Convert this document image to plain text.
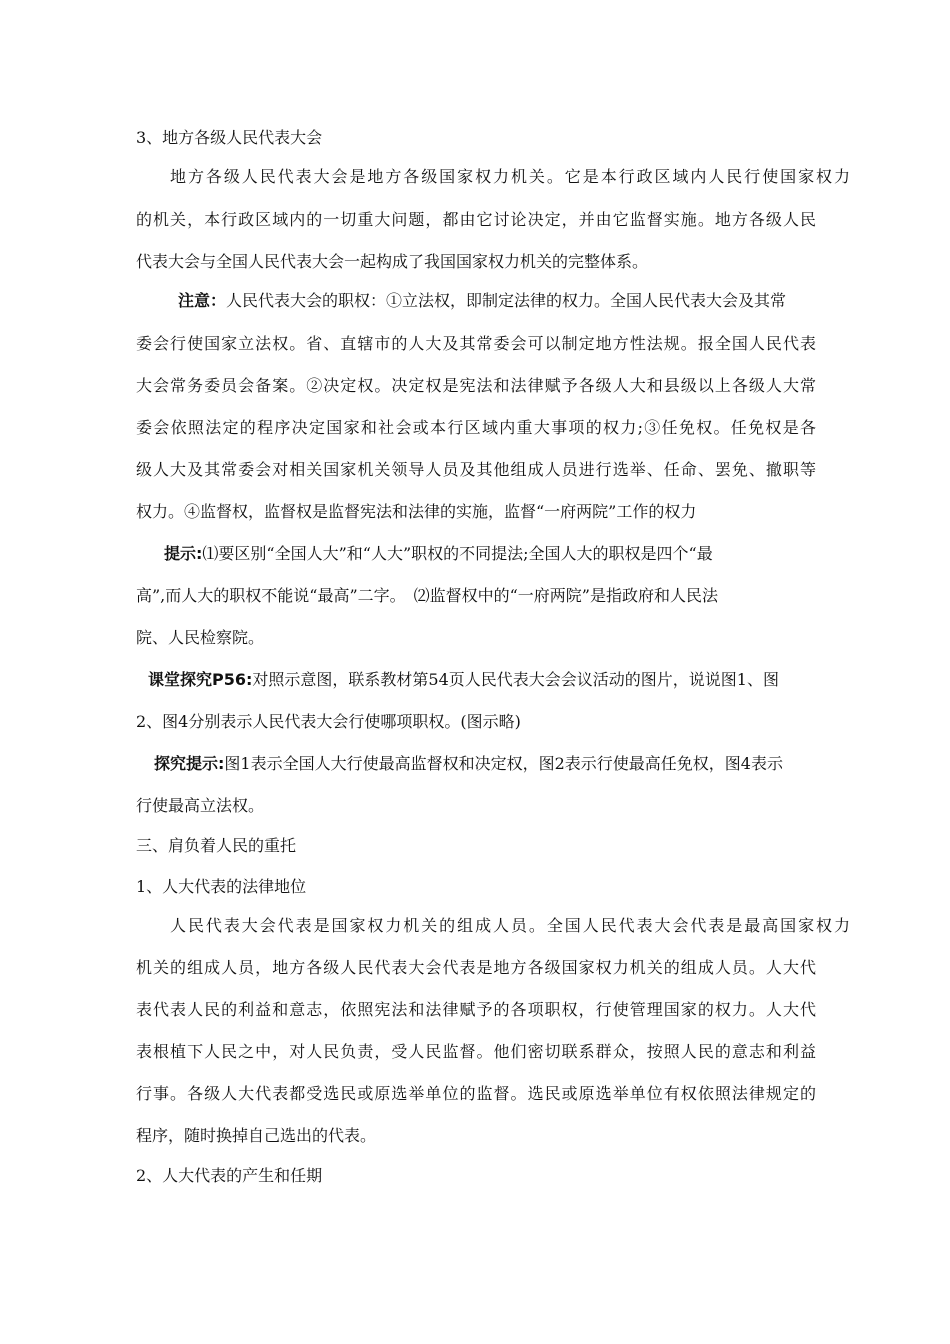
3、地方各级人民代表大会
地方各级人民代表大会是地方各级国家权力机关。它是本行政区域内人民行使国家权力
的机关，本行政区域内的一切重大问题，都由它讨论决定，并由它监督实施。地方各级人民
代表大会与全国人民代表大会一起构成了我国国家权力机关的完整体系。
注意：人民代表大会的职权：①立法权，即制定法律的权力。全国人民代表大会及其常
委会行使国家立法权。省、直辖市的人大及其常委会可以制定地方性法规。报全国人民代表
大会常务委员会备案。②决定权。决定权是宪法和法律赋予各级人大和县级以上各级人大常
委会依照法定的程序决定国家和社会或本行区域内重大事项的权力;③任免权。任免权是各
级人大及其常委会对相关国家机关领导人员及其他组成人员进行选举、任命、罢免、撤职等
权力。④监督权，监督权是监督宪法和法律的实施，监督“一府两院”工作的权力
提示:⑴要区别“全国人大”和“人大”职权的不同提法;全国人大的职权是四个“最
高”,而人大的职权不能说“最高”二字。　⑵监督权中的“一府两院”是指政府和人民法
院、人民检察院。
课堂探究P56:对照示意图，联系教材第54页人民代表大会会议活动的图片，说说图1、图
2、图4分别表示人民代表大会行使哪项职权。(图示略)
探究提示:图1表示全国人大行使最高监督权和决定权，图2表示行使最高任免权，图4表示
行使最高立法权。
三、肩负着人民的重托
1、人大代表的法律地位
人民代表大会代表是国家权力机关的组成人员。全国人民代表大会代表是最高国家权力
机关的组成人员，地方各级人民代表大会代表是地方各级国家权力机关的组成人员。人大代
表代表人民的利益和意志，依照宪法和法律赋予的各项职权，行使管理国家的权力。人大代
表根植下人民之中，对人民负责，受人民监督。他们密切联系群众，按照人民的意志和利益
行事。各级人大代表都受选民或原选举单位的监督。选民或原选举单位有权依照法律规定的
程序，随时换掉自己选出的代表。
2、人大代表的产生和任期
